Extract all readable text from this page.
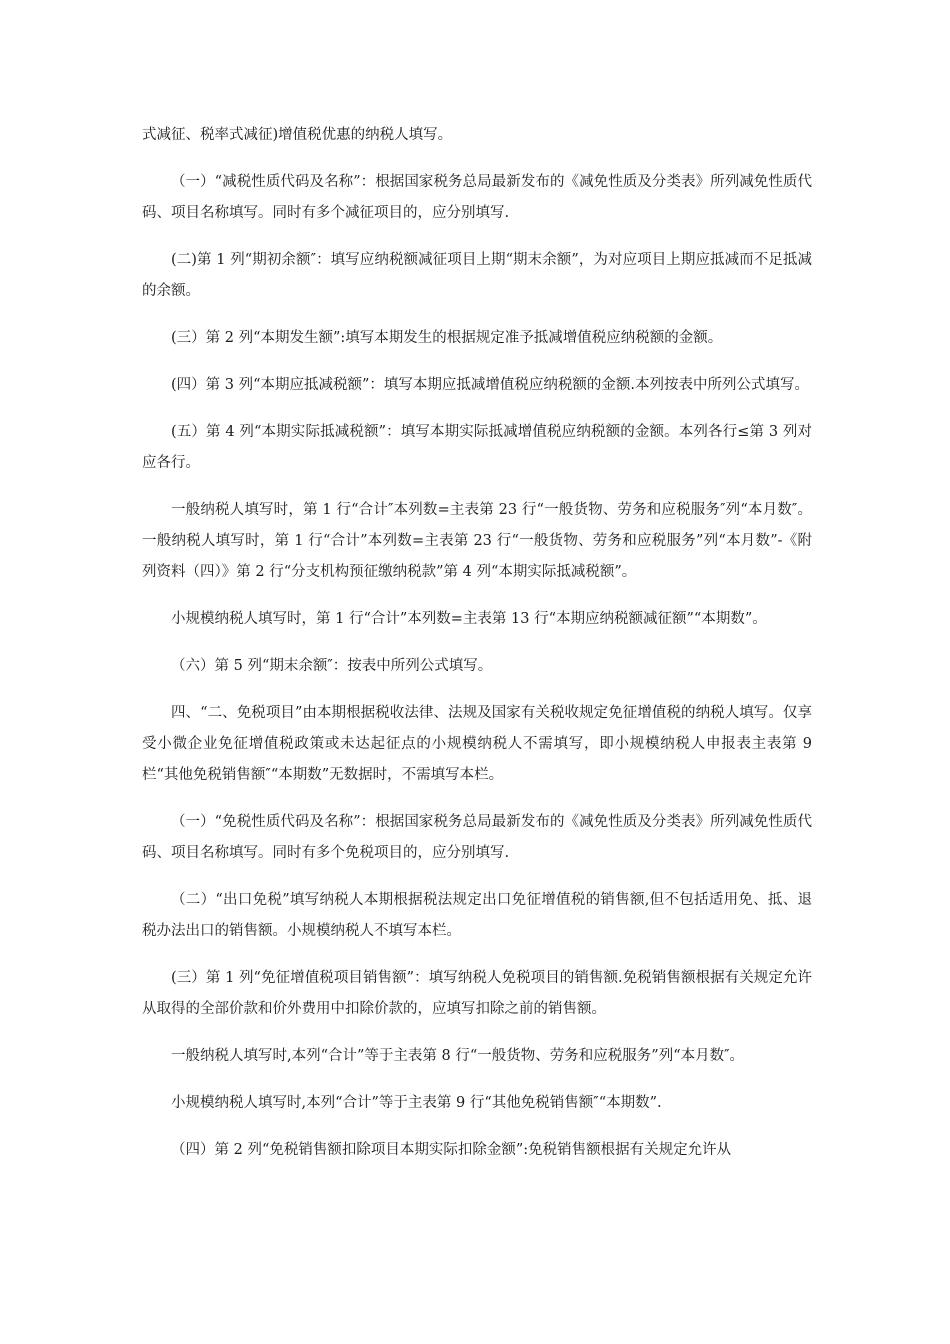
式减征、税率式减征)增值税优惠的纳税人填写。

（一）“减税性质代码及名称”：根据国家税务总局最新发布的《减免性质及分类表》所列减免性质代码、项目名称填写。同时有多个减征项目的，应分别填写.

(二)第 1 列“期初余额″：填写应纳税额减征项目上期“期末余额”，为对应项目上期应抵减而不足抵减的余额。

(三）第 2 列“本期发生额”:填写本期发生的根据规定准予抵减增值税应纳税额的金额。

(四）第 3 列“本期应抵减税额”：填写本期应抵减增值税应纳税额的金额.本列按表中所列公式填写。

(五）第 4 列“本期实际抵减税额”：填写本期实际抵减增值税应纳税额的金额。本列各行≤第 3 列对应各行。

一般纳税人填写时，第 1 行“合计″本列数=主表第 23 行“一般货物、劳务和应税服务″列“本月数″。一般纳税人填写时，第 1 行“合计”本列数=主表第 23 行“一般货物、劳务和应税服务”列“本月数”-《附列资料（四）》第 2 行“分支机构预征缴纳税款”第 4 列“本期实际抵减税额”。

小规模纳税人填写时，第 1 行“合计”本列数=主表第 13 行“本期应纳税额减征额”“本期数”。

（六）第 5 列“期末余额″：按表中所列公式填写。

四、“二、免税项目”由本期根据税收法律、法规及国家有关税收规定免征增值税的纳税人填写。仅享受小微企业免征增值税政策或未达起征点的小规模纳税人不需填写，即小规模纳税人申报表主表第 9 栏“其他免税销售额″“本期数”无数据时，不需填写本栏。

（一）“免税性质代码及名称”：根据国家税务总局最新发布的《减免性质及分类表》所列减免性质代码、项目名称填写。同时有多个免税项目的，应分别填写.

（二）“出口免税”填写纳税人本期根据税法规定出口免征增值税的销售额,但不包括适用免、抵、退税办法出口的销售额。小规模纳税人不填写本栏。

(三）第 1 列“免征增值税项目销售额”：填写纳税人免税项目的销售额.免税销售额根据有关规定允许从取得的全部价款和价外费用中扣除价款的，应填写扣除之前的销售额。

一般纳税人填写时,本列“合计”等于主表第 8 行“一般货物、劳务和应税服务”列“本月数″。

小规模纳税人填写时,本列“合计”等于主表第 9 行“其他免税销售额″“本期数”.

（四）第 2 列“免税销售额扣除项目本期实际扣除金额”:免税销售额根据有关规定允许从
